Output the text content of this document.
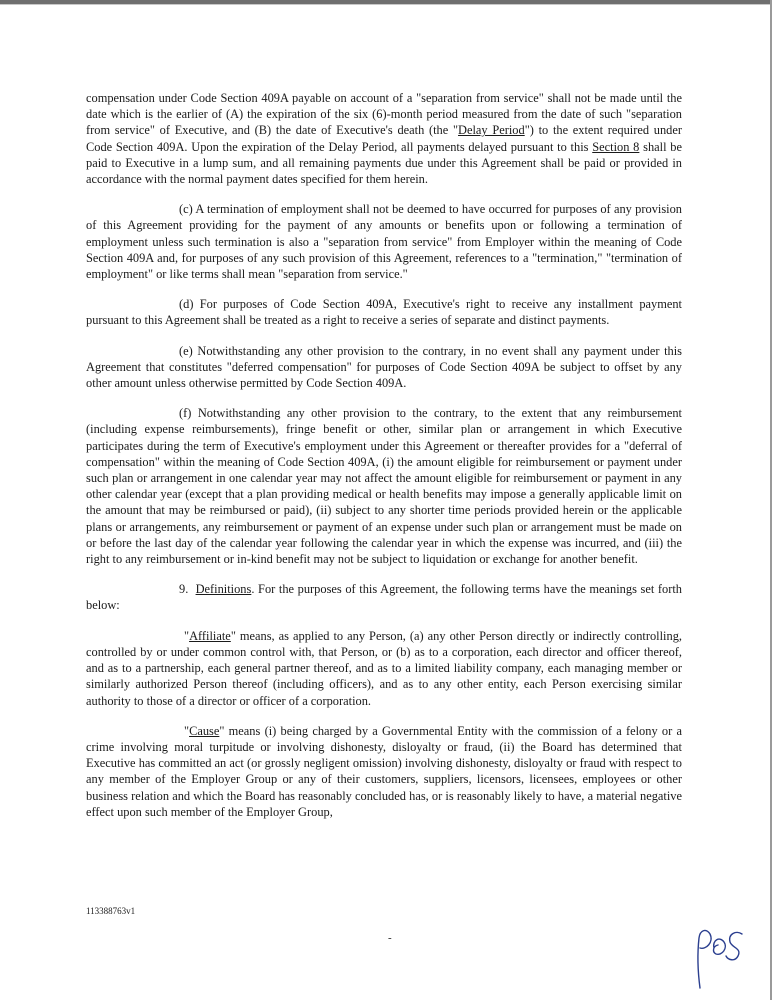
compensation under Code Section 409A payable on account of a "separation from service" shall not be made until the date which is the earlier of (A) the expiration of the six (6)-month period measured from the date of such "separation from service" of Executive, and (B) the date of Executive's death (the "Delay Period") to the extent required under Code Section 409A. Upon the expiration of the Delay Period, all payments delayed pursuant to this Section 8 shall be paid to Executive in a lump sum, and all remaining payments due under this Agreement shall be paid or provided in accordance with the normal payment dates specified for them herein.

(c) A termination of employment shall not be deemed to have occurred for purposes of any provision of this Agreement providing for the payment of any amounts or benefits upon or following a termination of employment unless such termination is also a "separation from service" from Employer within the meaning of Code Section 409A and, for purposes of any such provision of this Agreement, references to a "termination," "termination of employment" or like terms shall mean "separation from service."

(d) For purposes of Code Section 409A, Executive's right to receive any installment payment pursuant to this Agreement shall be treated as a right to receive a series of separate and distinct payments.

(e) Notwithstanding any other provision to the contrary, in no event shall any payment under this Agreement that constitutes "deferred compensation" for purposes of Code Section 409A be subject to offset by any other amount unless otherwise permitted by Code Section 409A.

(f) Notwithstanding any other provision to the contrary, to the extent that any reimbursement (including expense reimbursements), fringe benefit or other, similar plan or arrangement in which Executive participates during the term of Executive's employment under this Agreement or thereafter provides for a "deferral of compensation" within the meaning of Code Section 409A, (i) the amount eligible for reimbursement or payment under such plan or arrangement in one calendar year may not affect the amount eligible for reimbursement or payment in any other calendar year (except that a plan providing medical or health benefits may impose a generally applicable limit on the amount that may be reimbursed or paid), (ii) subject to any shorter time periods provided herein or the applicable plans or arrangements, any reimbursement or payment of an expense under such plan or arrangement must be made on or before the last day of the calendar year following the calendar year in which the expense was incurred, and (iii) the right to any reimbursement or in-kind benefit may not be subject to liquidation or exchange for another benefit.

9. Definitions. For the purposes of this Agreement, the following terms have the meanings set forth below:

"Affiliate" means, as applied to any Person, (a) any other Person directly or indirectly controlling, controlled by or under common control with, that Person, or (b) as to a corporation, each director and officer thereof, and as to a partnership, each general partner thereof, and as to a limited liability company, each managing member or similarly authorized Person thereof (including officers), and as to any other entity, each Person exercising similar authority to those of a director or officer of a corporation.

"Cause" means (i) being charged by a Governmental Entity with the commission of a felony or a crime involving moral turpitude or involving dishonesty, disloyalty or fraud, (ii) the Board has determined that Executive has committed an act (or grossly negligent omission) involving dishonesty, disloyalty or fraud with respect to any member of the Employer Group or any of their customers, suppliers, licensors, licensees, employees or other business relation and which the Board has reasonably concluded has, or is reasonably likely to have, a material negative effect upon such member of the Employer Group,

113388763v1
-
